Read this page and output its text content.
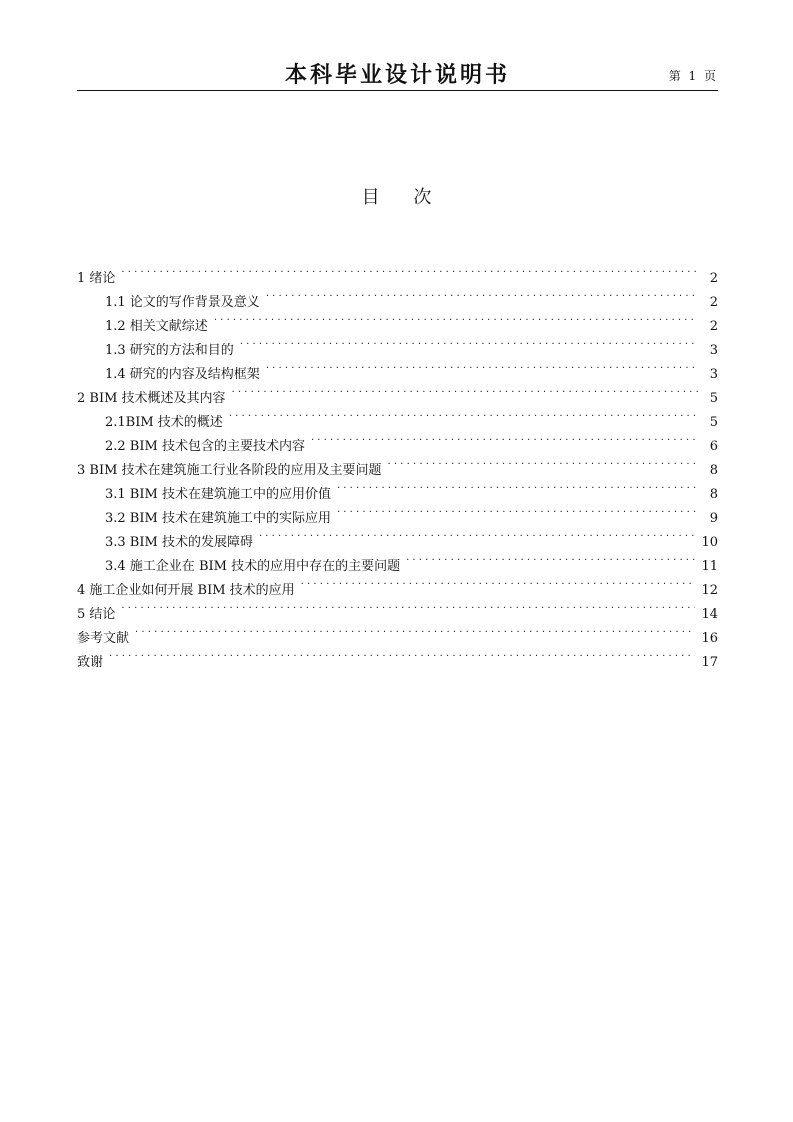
本科毕业设计说明书	第 1 页
目 次
1 绪论 . . .	2
1.1 论文的写作背景及意义 . . .	2
1.2 相关文献综述 . . .	2
1.3 研究的方法和目的 . . .	3
1.4 研究的内容及结构框架 . . .	3
2 BIM 技术概述及其内容 . . .	5
2.1BIM 技术的概述 . . .	5
2.2 BIM 技术包含的主要技术内容 . . .	6
3 BIM 技术在建筑施工行业各阶段的应用及主要问题 . . .	8
3.1 BIM 技术在建筑施工中的应用价值 . . .	8
3.2 BIM 技术在建筑施工中的实际应用 . . .	9
3.3 BIM 技术的发展障碍 . . .	10
3.4 施工企业在 BIM 技术的应用中存在的主要问题 . . .	11
4 施工企业如何开展 BIM 技术的应用 . . .	12
5 结论 . . .	14
参考文献 . . .	16
致谢 . . .	17
